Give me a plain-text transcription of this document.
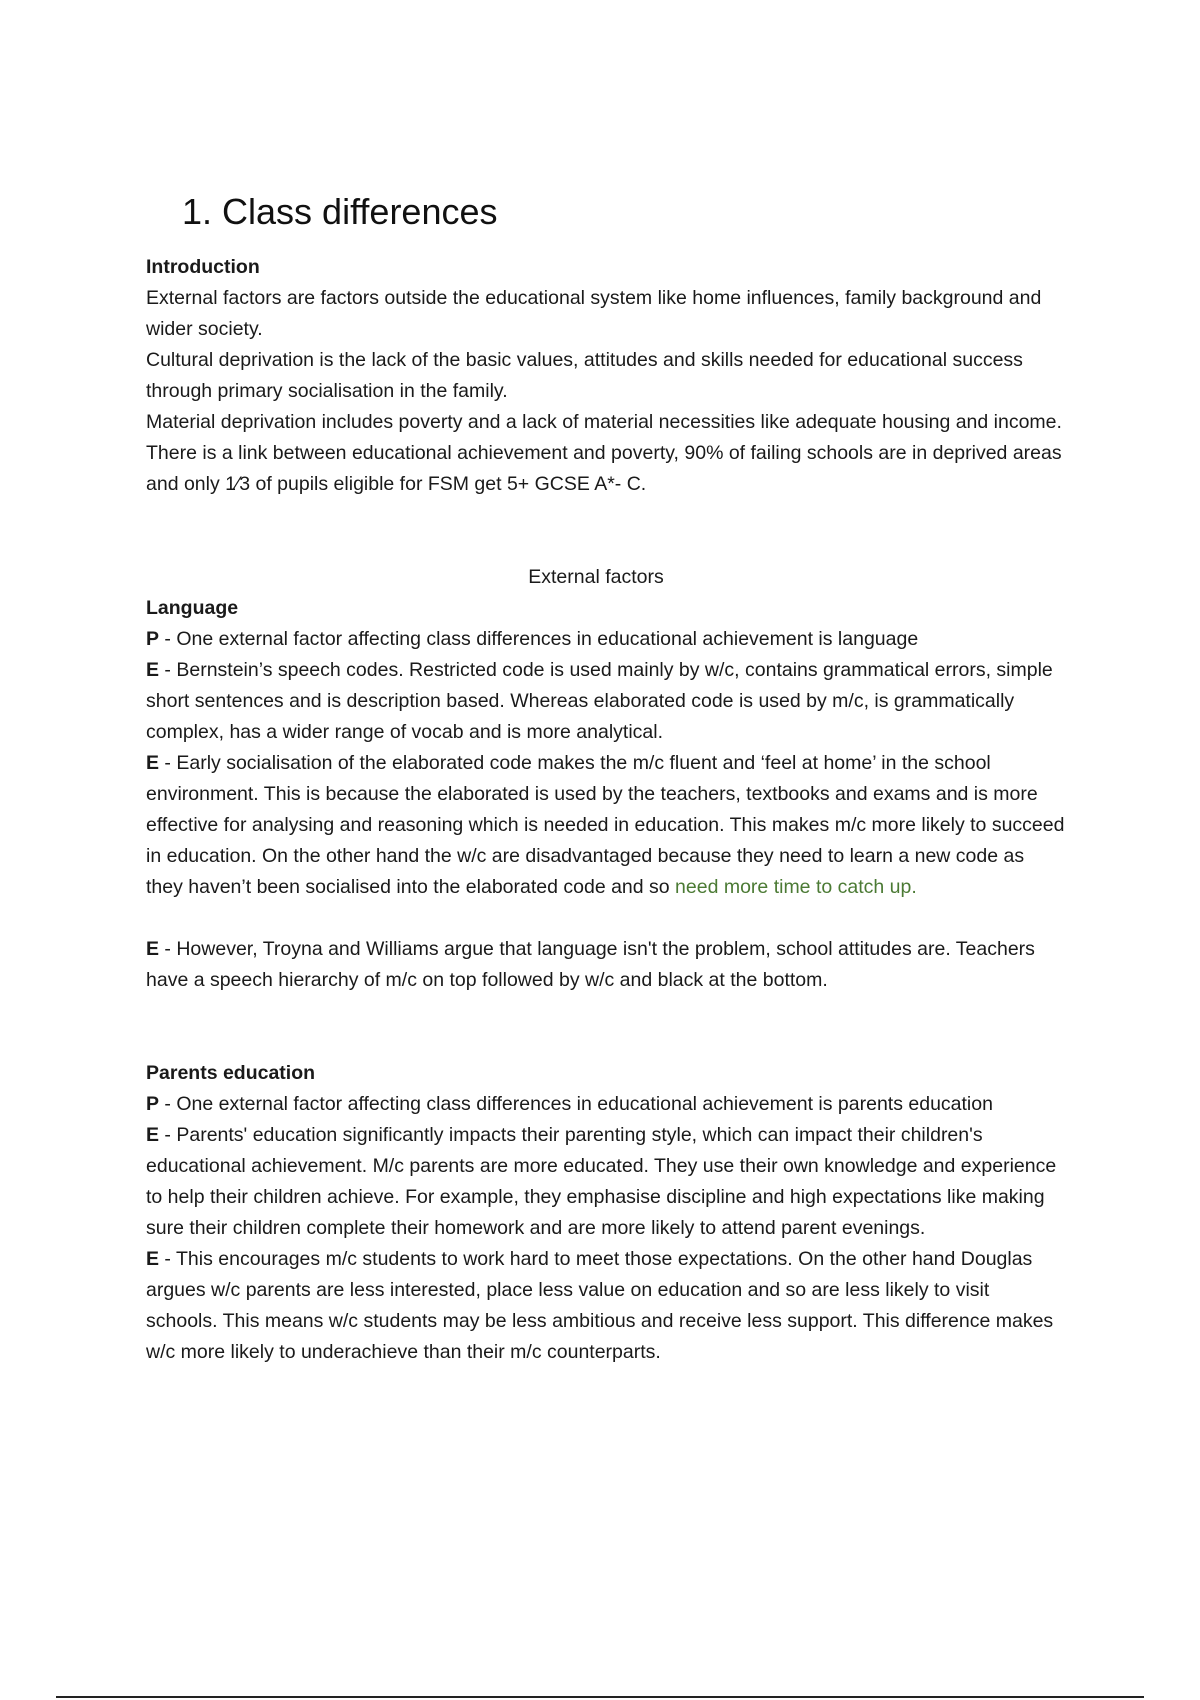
1. Class differences

Introduction

External factors are factors outside the educational system like home influences, family background and wider society.

Cultural deprivation is the lack of the basic values, attitudes and skills needed for educational success through primary socialisation in the family.

Material deprivation includes poverty and a lack of material necessities like adequate housing and income. There is a link between educational achievement and poverty, 90% of failing schools are in deprived areas and only 1⁄3 of pupils eligible for FSM get 5+ GCSE A*- C.

External factors

Language

P - One external factor affecting class differences in educational achievement is language

E - Bernstein’s speech codes. Restricted code is used mainly by w/c, contains grammatical errors, simple short sentences and is description based. Whereas elaborated code is used by m/c, is grammatically complex, has a wider range of vocab and is more analytical.

E - Early socialisation of the elaborated code makes the m/c fluent and ‘feel at home’ in the school environment. This is because the elaborated is used by the teachers, textbooks and exams and is more effective for analysing and reasoning which is needed in education. This makes m/c more likely to succeed in education. On the other hand the w/c are disadvantaged because they need to learn a new code as they haven’t been socialised into the elaborated code and so need more time to catch up.

E - However, Troyna and Williams argue that language isn't the problem, school attitudes are. Teachers have a speech hierarchy of m/c on top followed by w/c and black at the bottom.

Parents education

P - One external factor affecting class differences in educational achievement is parents education

E - Parents' education significantly impacts their parenting style, which can impact their children's educational achievement. M/c parents are more educated. They use their own knowledge and experience to help their children achieve. For example, they emphasise discipline and high expectations like making sure their children complete their homework and are more likely to attend parent evenings.

E - This encourages m/c students to work hard to meet those expectations. On the other hand Douglas argues w/c parents are less interested, place less value on education and so are less likely to visit schools. This means w/c students may be less ambitious and receive less support. This difference makes w/c more likely to underachieve than their m/c counterparts.
